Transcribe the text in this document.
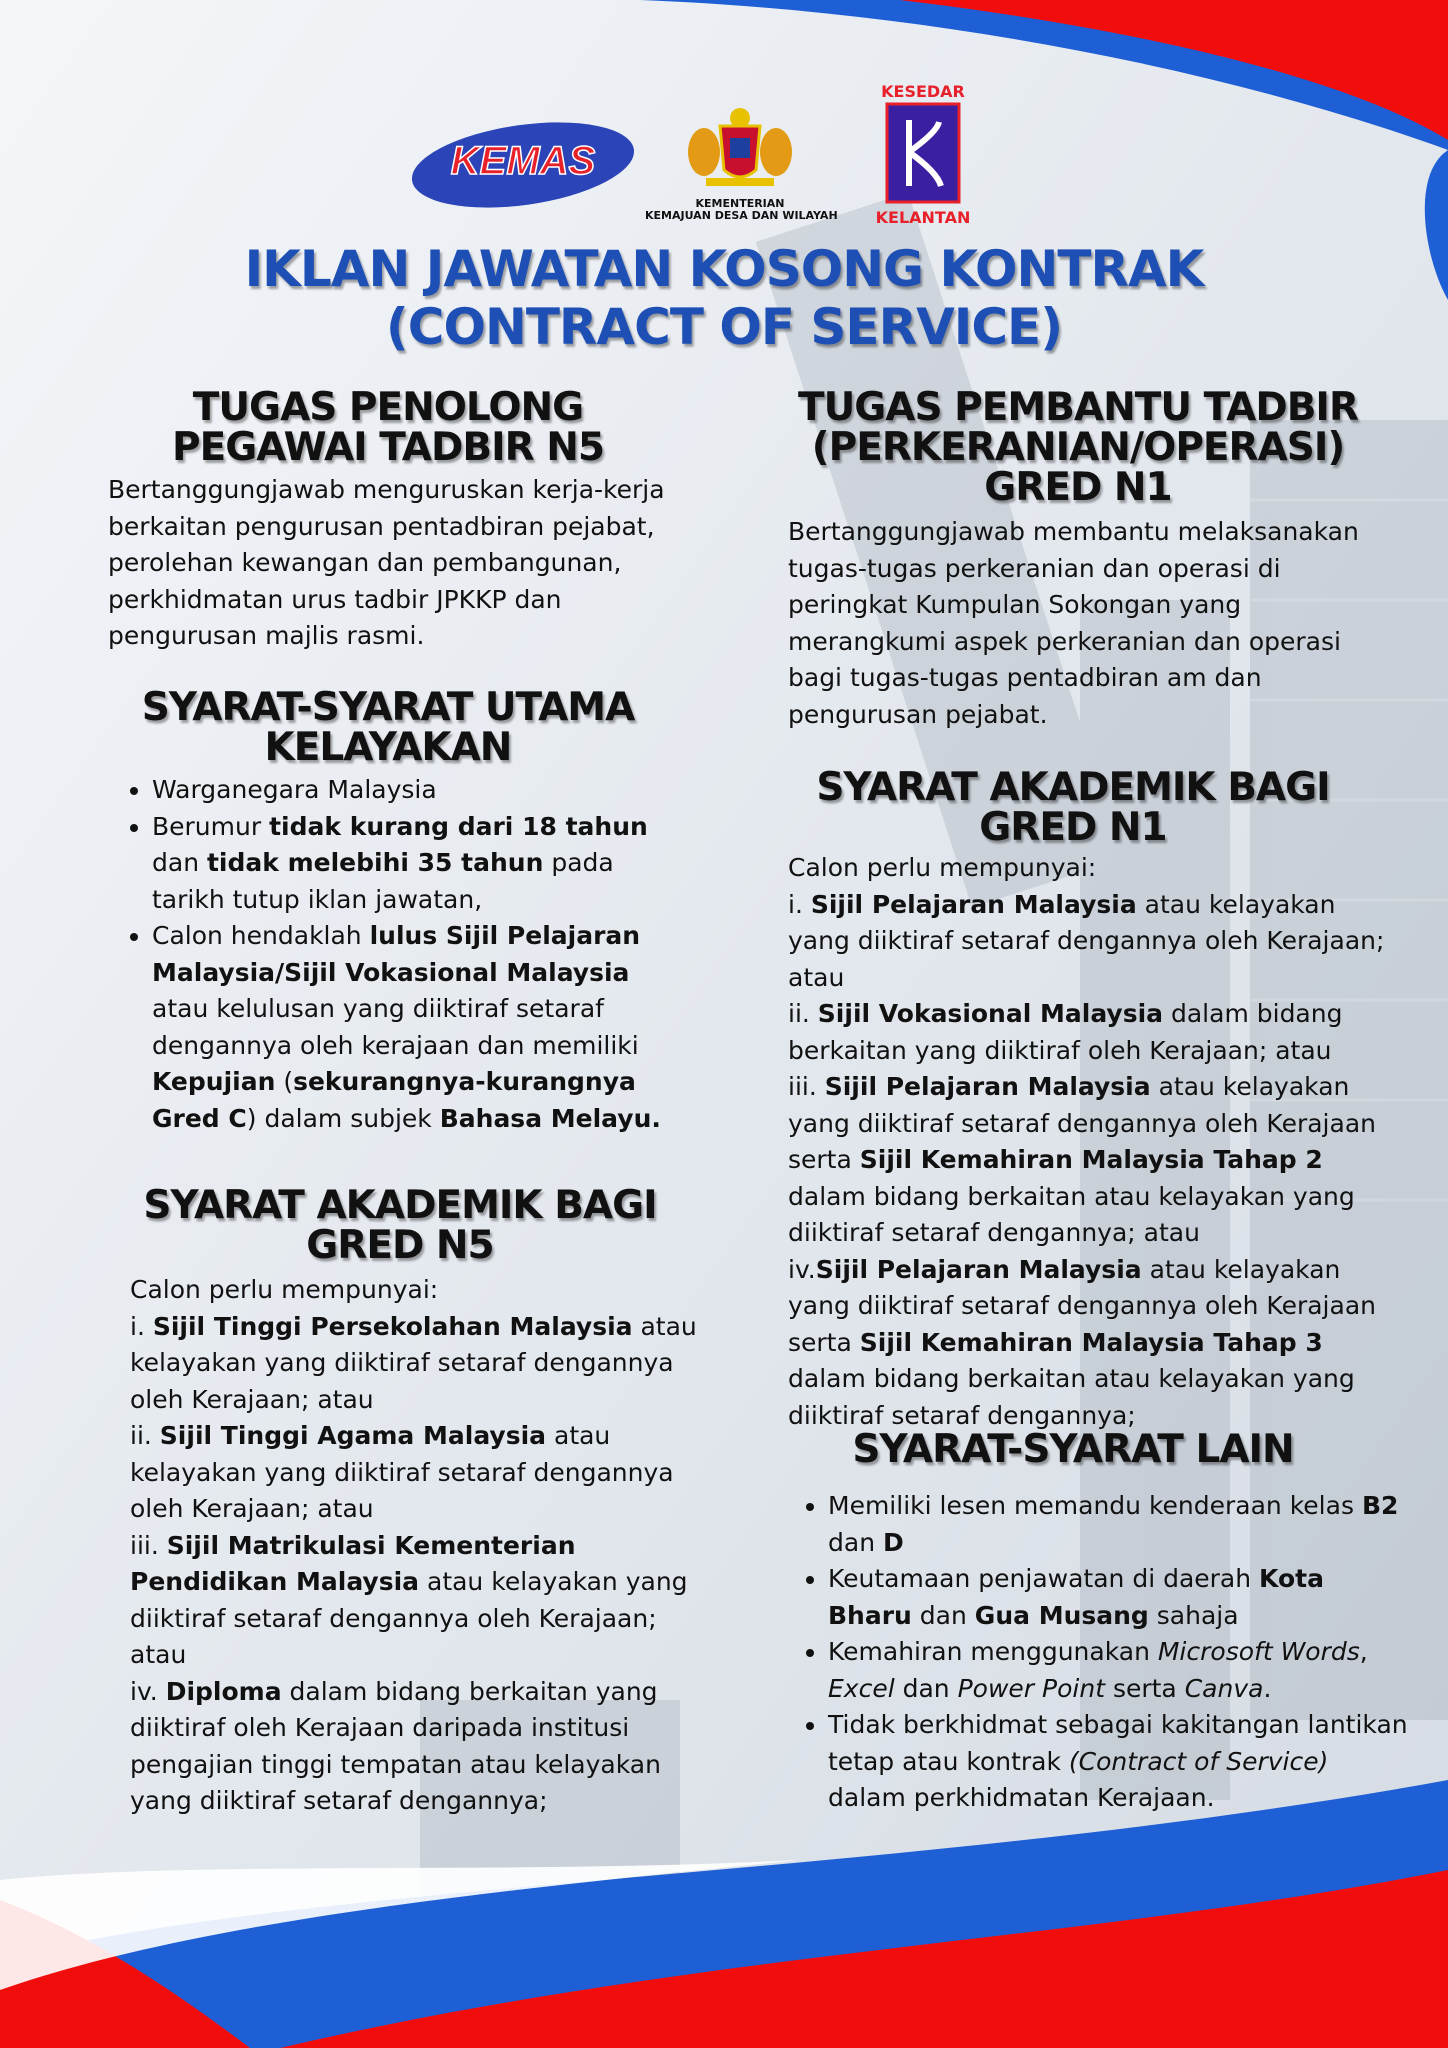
KEMAS
KEMENTERIAN
KEMAJUAN DESA DAN WILAYAH
KESEDAR
KELANTAN
IKLAN JAWATAN KOSONG KONTRAK
(CONTRACT OF SERVICE)
TUGAS PENOLONG
PEGAWAI TADBIR N5

Bertanggungjawab menguruskan kerja-kerja berkaitan pengurusan pentadbiran pejabat, perolehan kewangan dan pembangunan, perkhidmatan urus tadbir JPKKP dan pengurusan majlis rasmi.

SYARAT-SYARAT UTAMA
KELAYAKAN
• Warganegara Malaysia
• Berumur tidak kurang dari 18 tahun dan tidak melebihi 35 tahun pada tarikh tutup iklan jawatan,
• Calon hendaklah lulus Sijil Pelajaran Malaysia/Sijil Vokasional Malaysia atau kelulusan yang diiktiraf setaraf dengannya oleh kerajaan dan memiliki Kepujian (sekurangnya-kurangnya Gred C) dalam subjek Bahasa Melayu.
SYARAT AKADEMIK BAGI
GRED N5

Calon perlu mempunyai:

i. Sijil Tinggi Persekolahan Malaysia atau kelayakan yang diiktiraf setaraf dengannya oleh Kerajaan; atau

ii. Sijil Tinggi Agama Malaysia atau kelayakan yang diiktiraf setaraf dengannya oleh Kerajaan; atau

iii. Sijil Matrikulasi Kementerian Pendidikan Malaysia atau kelayakan yang diiktiraf setaraf dengannya oleh Kerajaan; atau

iv. Diploma dalam bidang berkaitan yang diiktiraf oleh Kerajaan daripada institusi pengajian tinggi tempatan atau kelayakan yang diiktiraf setaraf dengannya;

TUGAS PEMBANTU TADBIR
(PERKERANIAN/OPERASI)
GRED N1

Bertanggungjawab membantu melaksanakan tugas-tugas perkeranian dan operasi di peringkat Kumpulan Sokongan yang merangkumi aspek perkeranian dan operasi bagi tugas-tugas pentadbiran am dan pengurusan pejabat.

SYARAT AKADEMIK BAGI
GRED N1

Calon perlu mempunyai:

i. Sijil Pelajaran Malaysia atau kelayakan yang diiktiraf setaraf dengannya oleh Kerajaan; atau

ii. Sijil Vokasional Malaysia dalam bidang berkaitan yang diiktiraf oleh Kerajaan; atau

iii. Sijil Pelajaran Malaysia atau kelayakan yang diiktiraf setaraf dengannya oleh Kerajaan serta Sijil Kemahiran Malaysia Tahap 2 dalam bidang berkaitan atau kelayakan yang diiktiraf setaraf dengannya; atau

iv.Sijil Pelajaran Malaysia atau kelayakan yang diiktiraf setaraf dengannya oleh Kerajaan serta Sijil Kemahiran Malaysia Tahap 3 dalam bidang berkaitan atau kelayakan yang diiktiraf setaraf dengannya;

SYARAT-SYARAT LAIN
• Memiliki lesen memandu kenderaan kelas B2 dan D
• Keutamaan penjawatan di daerah Kota Bharu dan Gua Musang sahaja
• Kemahiran menggunakan Microsoft Words, Excel dan Power Point serta Canva.
• Tidak berkhidmat sebagai kakitangan lantikan tetap atau kontrak (Contract of Service) dalam perkhidmatan Kerajaan.
